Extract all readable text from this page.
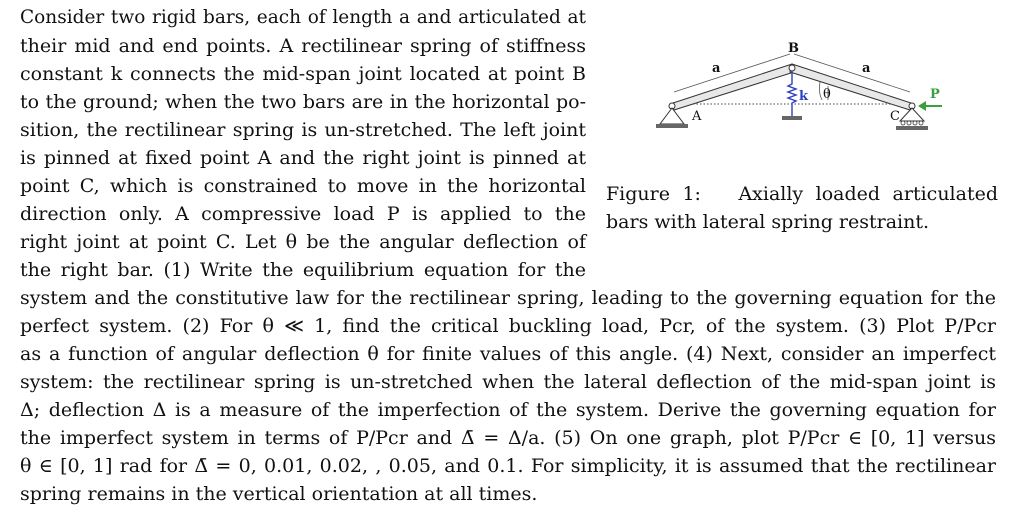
A
B
C
a	a
k θ	P
Figure 1: Axially loaded articulated
bars with lateral spring restraint.
Consider two rigid bars, each of length a and articulated at
their mid and end points. A rectilinear spring of stiffness
constant k connects the mid-span joint located at point B
to the ground; when the two bars are in the horizontal po-
sition, the rectilinear spring is un-stretched. The left joint
is pinned at fixed point A and the right joint is pinned at
point C, which is constrained to move in the horizontal
direction only. A compressive load P is applied to the
right joint at point C. Let θ be the angular deflection of
the right bar. (1) Write the equilibrium equation for the
system and the constitutive law for the rectilinear spring, leading to the governing equation for the
perfect system. (2) For θ ≪ 1, find the critical buckling load, Pcr, of the system. (3) Plot P/Pcr
as a function of angular deflection θ for finite values of this angle. (4) Next, consider an imperfect
system: the rectilinear spring is un-stretched when the lateral deflection of the mid-span joint is
Δ; deflection Δ is a measure of the imperfection of the system. Derive the governing equation for
the imperfect system in terms of P/Pcr and Δ̄ = Δ/a. (5) On one graph, plot P/Pcr ∈ [0, 1] versus
θ ∈ [0, 1] rad for Δ̄ = 0, 0.01, 0.02, , 0.05, and 0.1. For simplicity, it is assumed that the rectilinear
spring remains in the vertical orientation at all times.
